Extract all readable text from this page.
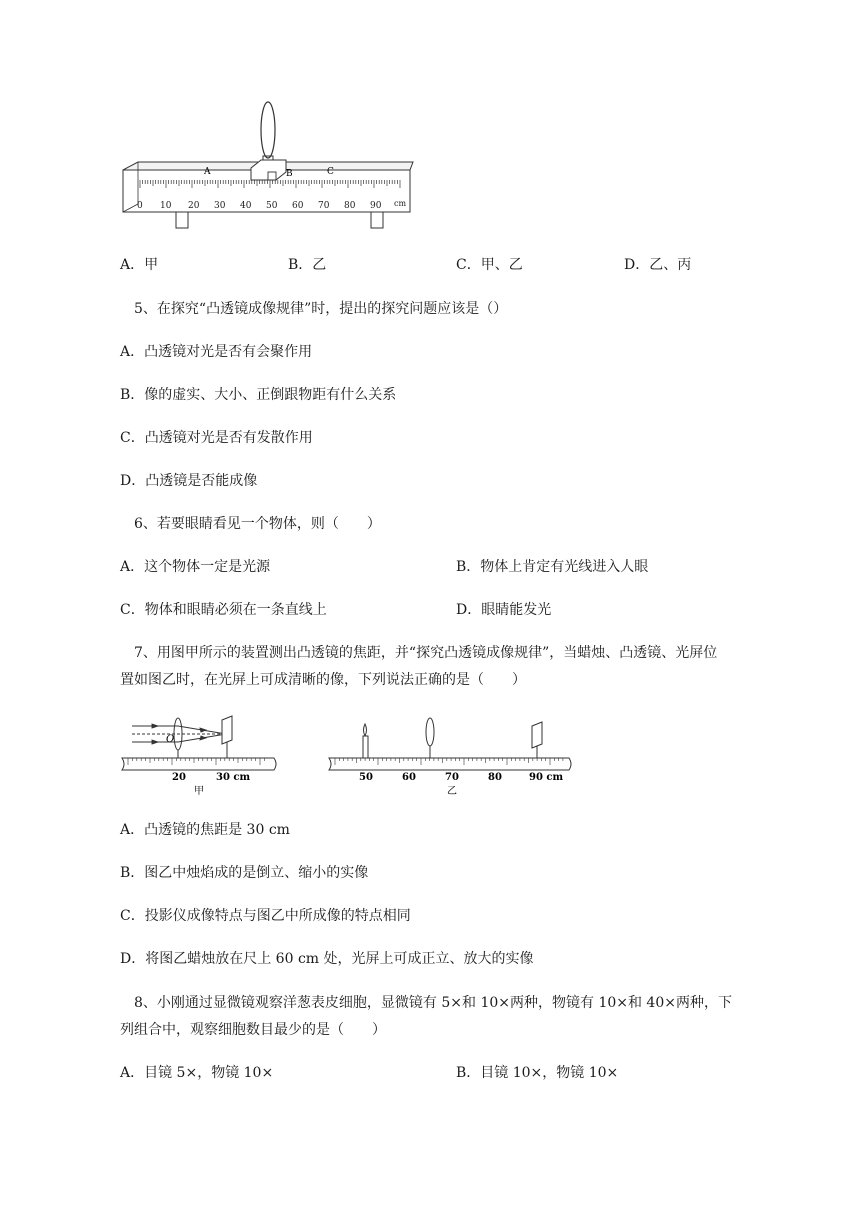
A	B	C
0 10 20 30 40 50 60 70 80 90 cm
A．甲	B．乙	C．甲、乙	D．乙、丙
5、在探究“凸透镜成像规律”时，提出的探究问题应该是（）
A．凸透镜对光是否有会聚作用
B．像的虚实、大小、正倒跟物距有什么关系
C．凸透镜对光是否有发散作用
D．凸透镜是否能成像
6、若要眼睛看见一个物体，则（　　）
A．这个物体一定是光源	B．物体上肯定有光线进入人眼
C．物体和眼睛必须在一条直线上	D．眼睛能发光
7、用图甲所示的装置测出凸透镜的焦距，并“探究凸透镜成像规律”，当蜡烛、凸透镜、光屏位
置如图乙时，在光屏上可成清晰的像，下列说法正确的是（　　）
O
20	30 cm
甲
50	60	70	80	90 cm
乙
A．凸透镜的焦距是 30 cm
B．图乙中烛焰成的是倒立、缩小的实像
C．投影仪成像特点与图乙中所成像的特点相同
D．将图乙蜡烛放在尺上 60 cm 处，光屏上可成正立、放大的实像
8、小刚通过显微镜观察洋葱表皮细胞，显微镜有 5×和 10×两种，物镜有 10×和 40×两种，下
列组合中，观察细胞数目最少的是（　　）
A．目镜 5×，物镜 10×	B．目镜 10×，物镜 10×
